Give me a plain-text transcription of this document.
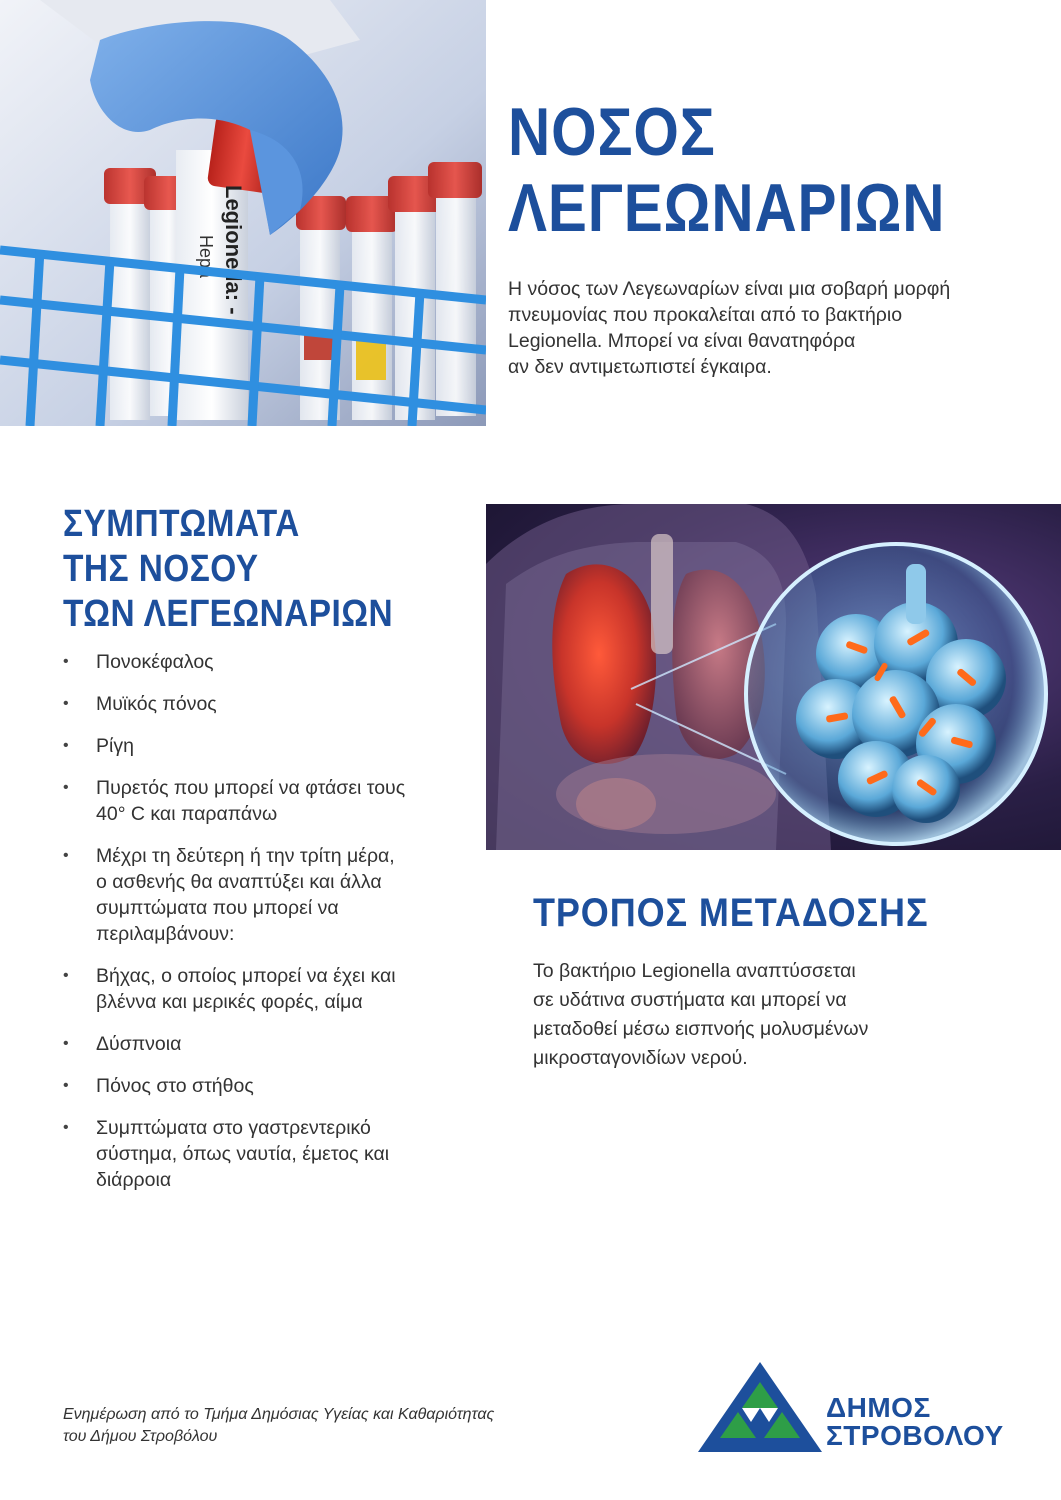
Legionella: -
Hepa
ΝΟΣΟΣ
ΛΕΓΕΩΝΑΡΙΩΝ
Η νόσος των Λεγεωναρίων είναι μια σοβαρή μορφή
πνευμονίας που προκαλείται από το βακτήριο
Legionella. Μπορεί να είναι θανατηφόρα
αν δεν αντιμετωπιστεί έγκαιρα.
ΣΥΜΠΤΩΜΑΤΑ
ΤΗΣ ΝΟΣΟΥ
ΤΩΝ ΛΕΓΕΩΝΑΡΙΩΝ
• Πονοκέφαλος
• Μυϊκός πόνος
• Ρίγη
• Πυρετός που μπορεί να φτάσει τους
40° C και παραπάνω
• Μέχρι τη δεύτερη ή την τρίτη μέρα,
ο ασθενής θα αναπτύξει και άλλα
συμπτώματα που μπορεί να
περιλαμβάνουν:
• Βήχας, ο οποίος μπορεί να έχει και
βλέννα και μερικές φορές, αίμα
• Δύσπνοια
• Πόνος στο στήθος
• Συμπτώματα στο γαστρεντερικό
σύστημα, όπως ναυτία, έμετος και
διάρροια
ΤΡΟΠΟΣ ΜΕΤΑΔΟΣΗΣ
Το βακτήριο Legionella αναπτύσσεται
σε υδάτινα συστήματα και μπορεί να
μεταδοθεί μέσω εισπνοής μολυσμένων
μικροσταγονιδίων νερού.
Ενημέρωση από το Τμήμα Δημόσιας Υγείας και Καθαριότητας
του Δήμου Στροβόλου
ΔΗΜΟΣ
ΣΤΡΟΒΟΛΟΥ
